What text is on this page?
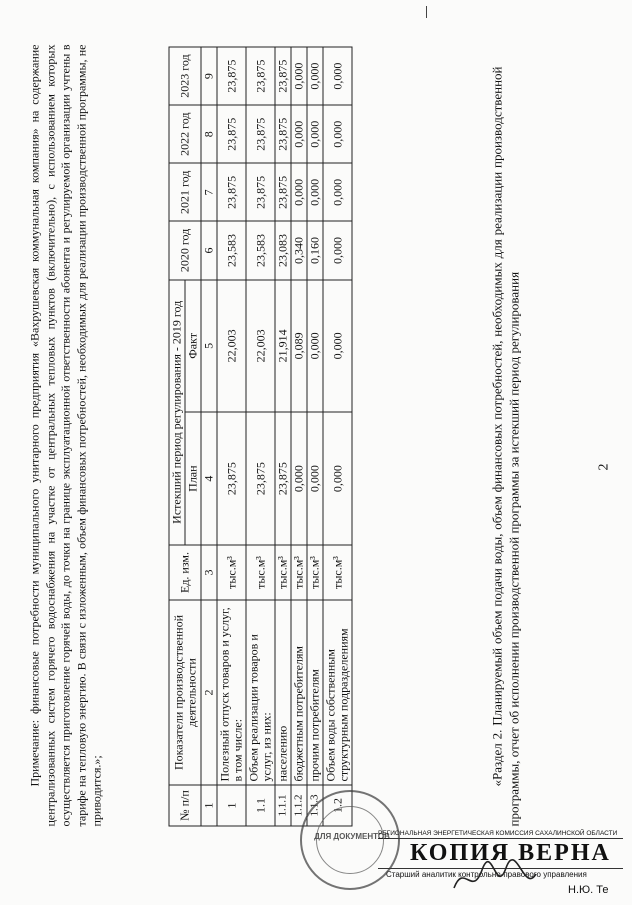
2
«Раздел 2. Планируемый объем подачи воды, объем финансовых потребностей, необходимых для реализации производственной программы, отчет об исполнении производственной программы за истекший период регулирования
№ п/п	Показатели производственной деятельности	Ед. изм.	Истекший период регулирования - 2019 год		2020 год	2021 год	2022 год	2023 год
			План	Факт				
1	2	3	4	5	6	7	8	9
1	Полезный отпуск товаров и услуг, в том числе:	тыс.м³	23,875	22,003	23,583	23,875	23,875	23,875
1.1	Объем реализации товаров и услуг, из них:	тыс.м³	23,875	22,003	23,583	23,875	23,875	23,875
1.1.1	населению	тыс.м³	23,875	21,914	23,083	23,875	23,875	23,875
1.1.2	бюджетным потребителям	тыс.м³	0,000	0,089	0,340	0,000	0,000	0,000
1.1.3	прочим потребителям	тыс.м³	0,000	0,000	0,160	0,000	0,000	0,000
1.2	Объем воды собственным структурным подразделениям	тыс.м³	0,000	0,000	0,000	0,000	0,000	0,000
Примечание: финансовые потребности муниципального унитарного предприятия «Вахрушевская коммунальная компания» на содержание централизованных систем горячего водоснабжения на участке от центральных тепловых пунктов (включительно), с использованием которых осуществляется приготовление горячей воды, до точки на границе эксплуатационной ответственности абонента и регулируемой организации учтены в тарифе на тепловую энергию. В связи с изложенным, объем финансовых потребностей, необходимых для реализации производственной программы, не приводится.»;
РЕГИОНАЛЬНАЯ ЭНЕРГЕТИЧЕСКАЯ КОМИССИЯ САХАЛИНСКОЙ ОБЛАСТИ
КОПИЯ ВЕРНА
Старший аналитик контрольно-правового управления
Н.Ю. Те
ДЛЯ ДОКУМЕНТОВ
